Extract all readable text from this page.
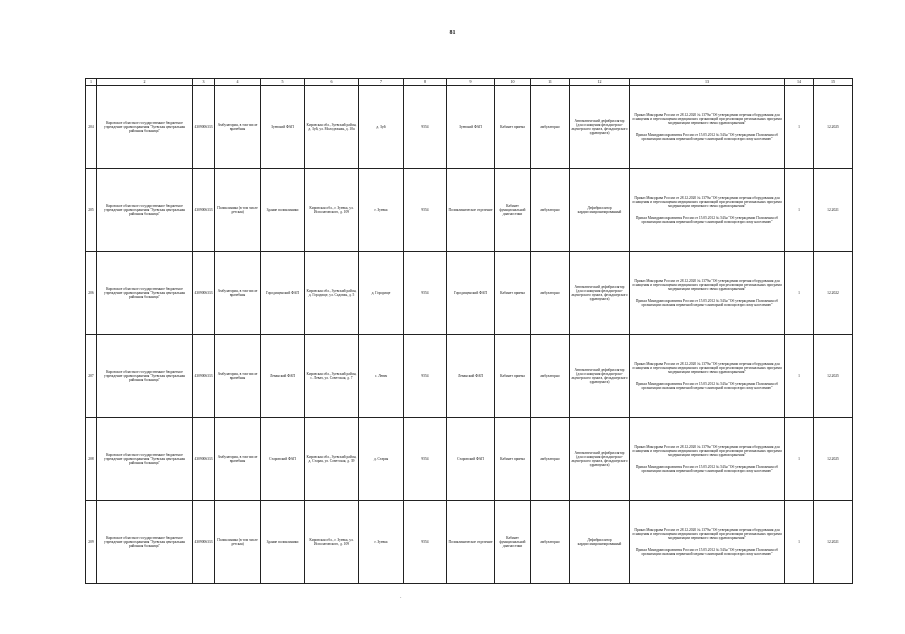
81
1	2	3	4	5	6	7	8	9	10	11	12	13	14	15
204	Кировское областное государственное бюджетное учреждение здравоохранения "Зуевская центральная районная больница"	4309006333	Амбулатория, в том числе врачебная	Зуевский ФАП	Кировская обл., Зуевский район, д. Зуй, ул. Молодежная, д. 10а	д. Зуй	9554	Зуевский ФАП	Кабинет приема	амбулаторно	Автоматический дефибриллятор (для оснащения фельдшерско-акушерского пункта, фельдшерского здравпункта)	Приказ Минздрава России от 28.12.2020 № 1379н "Об утверждении перечня оборудования для оснащения и переоснащения медицинских организаций при реализации региональных программ модернизации первичного звена здравоохранения"

Приказ Минздравсоцразвития России от 15.05.2012 № 543н "Об утверждении Положения об организации оказания первичной медико-санитарной помощи взрослому населению"	1	12.2025
205	Кировское областное государственное бюджетное учреждение здравоохранения "Зуевская центральная районная больница"	4309006333	Поликлиника (в том числе детская)	Здание поликлиники	Кировская обл., г. Зуевка, ул. Исполатовского, д. 109	г. Зуевка	9554	Поликлиническое отделение	Кабинет функциональной диагностики	амбулаторно	Дефибриллятор кардиосинхронизированный	Приказ Минздрава России от 28.12.2020 № 1379н "Об утверждении перечня оборудования для оснащения и переоснащения медицинских организаций при реализации региональных программ модернизации первичного звена здравоохранения"

Приказ Минздравсоцразвития России от 15.05.2012 № 543н "Об утверждении Положения об организации оказания первичной медико-санитарной помощи взрослому населению"	1	12.2021
206	Кировское областное государственное бюджетное учреждение здравоохранения "Зуевская центральная районная больница"	4309006333	Амбулатория, в том числе врачебная	Городищенский ФАП	Кировская обл., Зуевский район, д. Городище, ул. Садовая, д. 5	д. Городище	9554	Городищенский ФАП	Кабинет приема	амбулаторно	Автоматический дефибриллятор (для оснащения фельдшерско-акушерского пункта, фельдшерского здравпункта)	Приказ Минздрава России от 28.12.2020 № 1379н "Об утверждении перечня оборудования для оснащения и переоснащения медицинских организаций при реализации региональных программ модернизации первичного звена здравоохранения"

Приказ Минздравсоцразвития России от 15.05.2012 № 543н "Об утверждении Положения об организации оказания первичной медико-санитарной помощи взрослому населению"	1	12.2022
207	Кировское областное государственное бюджетное учреждение здравоохранения "Зуевская центральная районная больница"	4309006333	Амбулатория, в том числе врачебная	Леванский ФАП	Кировская обл., Зуевский район, с. Левач, ул. Советская, д. 7	с. Левач	9554	Леванский ФАП	Кабинет приема	амбулаторно	Автоматический дефибриллятор (для оснащения фельдшерско-акушерского пункта, фельдшерского здравпункта)	Приказ Минздрава России от 28.12.2020 № 1379н "Об утверждении перечня оборудования для оснащения и переоснащения медицинских организаций при реализации региональных программ модернизации первичного звена здравоохранения"

Приказ Минздравсоцразвития России от 15.05.2012 № 543н "Об утверждении Положения об организации оказания первичной медико-санитарной помощи взрослому населению"	1	12.2025
208	Кировское областное государственное бюджетное учреждение здравоохранения "Зуевская центральная районная больница"	4309006333	Амбулатория, в том числе врачебная	Старовский ФАП	Кировская обл., Зуевский район, д. Старая, ул. Советская, д. 39	д. Старая	9554	Старовский ФАП	Кабинет приема	амбулаторно	Автоматический дефибриллятор (для оснащения фельдшерско-акушерского пункта, фельдшерского здравпункта)	Приказ Минздрава России от 28.12.2020 № 1379н "Об утверждении перечня оборудования для оснащения и переоснащения медицинских организаций при реализации региональных программ модернизации первичного звена здравоохранения"

Приказ Минздравсоцразвития России от 15.05.2012 № 543н "Об утверждении Положения об организации оказания первичной медико-санитарной помощи взрослому населению"	1	12.2025
209	Кировское областное государственное бюджетное учреждение здравоохранения "Зуевская центральная районная больница"	4309006333	Поликлиника (в том числе детская)	Здание поликлиники	Кировская обл., г. Зуевка, ул. Исполатовского, д. 109	г. Зуевка	9554	Поликлиническое отделение	Кабинет функциональной диагностики	амбулаторно	Дефибриллятор кардиосинхронизированный	Приказ Минздрава России от 28.12.2020 № 1379н "Об утверждении перечня оборудования для оснащения и переоснащения медицинских организаций при реализации региональных программ модернизации первичного звена здравоохранения"

Приказ Минздравсоцразвития России от 15.05.2012 № 543н "Об утверждении Положения об организации оказания первичной медико-санитарной помощи взрослому населению"	1	12.2021
·
